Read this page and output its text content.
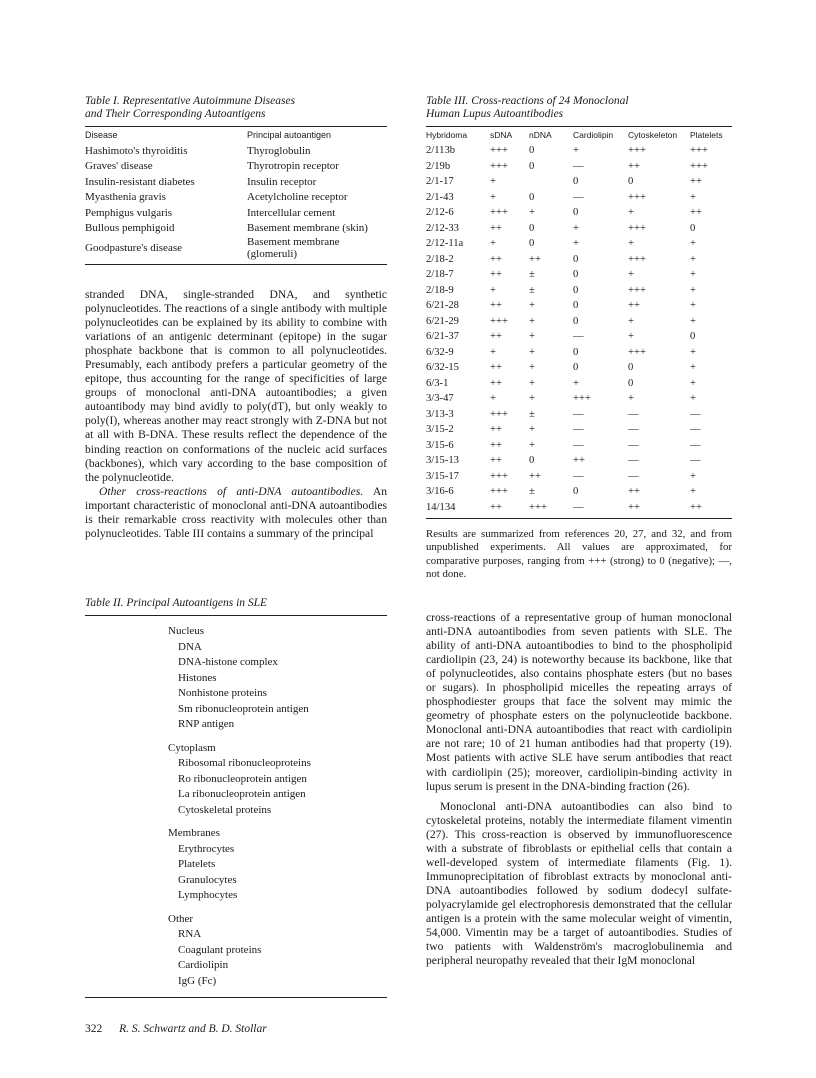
Table I. Representative Autoimmune Diseases
and Their Corresponding Autoantigens
Disease	Principal autoantigen
Hashimoto's thyroiditis	Thyroglobulin
Graves' disease	Thyrotropin receptor
Insulin-resistant diabetes	Insulin receptor
Myasthenia gravis	Acetylcholine receptor
Pemphigus vulgaris	Intercellular cement
Bullous pemphigoid	Basement membrane (skin)
Goodpasture's disease	Basement membrane (glomeruli)

stranded DNA, single-stranded DNA, and synthetic polynucleotides. The reactions of a single antibody with multiple polynucleotides can be explained by its ability to combine with variations of an antigenic determinant (epitope) in the sugar phosphate backbone that is common to all polynucleotides. Presumably, each antibody prefers a particular geometry of the epitope, thus accounting for the range of specificities of large groups of monoclonal anti-DNA autoantibodies; a given autoantibody may bind avidly to poly(dT), but only weakly to poly(I), whereas another may react strongly with Z-DNA but not at all with B-DNA. These results reflect the dependence of the binding reaction on conformations of the nucleic acid surfaces (backbones), which vary according to the base composition of the polynucleotide.

Other cross-reactions of anti-DNA autoantibodies. An important characteristic of monoclonal anti-DNA autoantibodies is their remarkable cross reactivity with molecules other than polynucleotides. Table III contains a summary of the principal

Table II. Principal Autoantigens in SLE
Nucleus
DNA
DNA-histone complex
Histones
Nonhistone proteins
Sm ribonucleoprotein antigen
RNP antigen
Cytoplasm
Ribosomal ribonucleoproteins
Ro ribonucleoprotein antigen
La ribonucleoprotein antigen
Cytoskeletal proteins
Membranes
Erythrocytes
Platelets
Granulocytes
Lymphocytes
Other
RNA
Coagulant proteins
Cardiolipin
IgG (Fc)
Table III. Cross-reactions of 24 Monoclonal
Human Lupus Autoantibodies
Hybridoma	sDNA	nDNA	Cardiolipin	Cytoskeleton	Platelets
2/113b	+++	0	+	+++	+++
2/19b	+++	0	—	++	+++
2/1-17	+		0	0	++
2/1-43	+	0	—	+++	+
2/12-6	+++	+	0	+	++
2/12-33	++	0	+	+++	0
2/12-11a	+	0	+	+	+
2/18-2	++	++	0	+++	+
2/18-7	++	±	0	+	+
2/18-9	+	±	0	+++	+
6/21-28	++	+	0	++	+
6/21-29	+++	+	0	+	+
6/21-37	++	+	—	+	0
6/32-9	+	+	0	+++	+
6/32-15	++	+	0	0	+
6/3-1	++	+	+	0	+
3/3-47	+	+	+++	+	+
3/13-3	+++	±	—	—	—
3/15-2	++	+	—	—	—
3/15-6	++	+	—	—	—
3/15-13	++	0	++	—	—
3/15-17	+++	++	—	—	+
3/16-6	+++	±	0	++	+
14/134	++	+++	—	++	++

Results are summarized from references 20, 27, and 32, and from unpublished experiments. All values are approximated, for comparative purposes, ranging from +++ (strong) to 0 (negative); —, not done.

cross-reactions of a representative group of human monoclonal anti-DNA autoantibodies from seven patients with SLE. The ability of anti-DNA autoantibodies to bind to the phospholipid cardiolipin (23, 24) is noteworthy because its backbone, like that of polynucleotides, also contains phosphate esters (but no bases or sugars). In phospholipid micelles the repeating arrays of phosphodiester groups that face the solvent may mimic the geometry of phosphate esters on the polynucleotide backbone. Monoclonal anti-DNA autoantibodies that react with cardiolipin are not rare; 10 of 21 human antibodies had that property (19). Most patients with active SLE have serum antibodies that react with cardiolipin (25); moreover, cardiolipin-binding activity in lupus serum is present in the DNA-binding fraction (26).

Monoclonal anti-DNA autoantibodies can also bind to cytoskeletal proteins, notably the intermediate filament vimentin (27). This cross-reaction is observed by immunofluorescence with a substrate of fibroblasts or epithelial cells that contain a well-developed system of intermediate filaments (Fig. 1). Immunoprecipitation of fibroblast extracts by monoclonal anti-DNA autoantibodies followed by sodium dodecyl sulfate-polyacrylamide gel electrophoresis demonstrated that the cellular antigen is a protein with the same molecular weight of vimentin, 54,000. Vimentin may be a target of autoantibodies. Studies of two patients with Waldenström's macroglobulinemia and peripheral neuropathy revealed that their IgM monoclonal

322 R. S. Schwartz and B. D. Stollar
